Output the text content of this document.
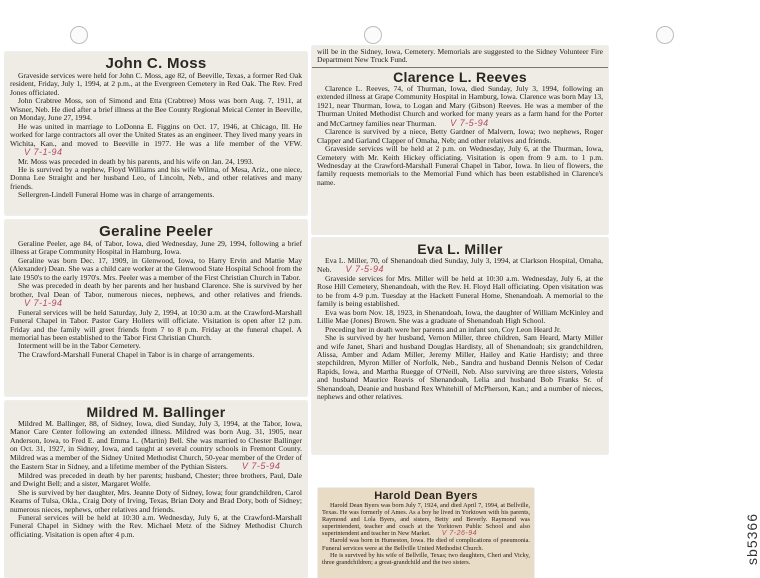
John C. Moss

Graveside services were held for John C. Moss, age 82, of Beeville, Texas, a former Red Oak resident, Friday, July 1, 1994, at 2 p.m., at the Evergreen Cemetery in Red Oak. The Rev. Fred Jones officiated.

John Crabtree Moss, son of Simond and Etta (Crabtree) Moss was born Aug. 7, 1911, at Wisner, Neb. He died after a brief illness at the Bee County Regional Meical Center in Beeville, on Monday, June 27, 1994.

He was united in marriage to LoDonna E. Figgins on Oct. 17, 1946, at Chicago, Ill. He worked for large contractors all over the United States as an engineer. They lived many years in Wichita, Kan., and moved to Beeville in 1977. He was a life member of the VFW.V 7-1-94

Mr. Moss was preceded in death by his parents, and his wife on Jan. 24, 1993.

He is survived by a nephew, Floyd Williams and his wife Wilma, of Mesa, Ariz., one niece, Donna Lee Straight and her husband Leo, of Lincoln, Neb., and other relatives and many friends.

Sellergren-Lindell Funeral Home was in charge of arrangements.

Geraline Peeler

Geraline Peeler, age 84, of Tabor, Iowa, died Wednesday, June 29, 1994, following a brief illness at Grape Community Hospital in Hamburg, Iowa.

Geraline was born Dec. 17, 1909, in Glenwood, Iowa, to Harry Ervin and Mattie May (Alexander) Dean. She was a child care worker at the Glenwood State Hospital School from the late 1950's to the early 1970's. Mrs. Peeler was a member of the First Christian Church in Tabor.

She was preceded in death by her parents and her husband Clarence. She is survived by her brother, Ival Dean of Tabor, numerous nieces, nephews, and other relatives and friends.V 7-1-94

Funeral services will be held Saturday, July 2, 1994, at 10:30 a.m. at the Crawford-Marshall Funeral Chapel in Tabor. Pastor Gary Hollers will officiate. Visitation is open after 12 p.m. Friday and the family will greet friends from 7 to 8 p.m. Friday at the funeral chapel. A memorial has been established to the Tabor First Christian Church.

Interment will be in the Tabor Cemetery.

The Crawford-Marshall Funeral Chapel in Tabor is in charge of arrangements.

Mildred M. Ballinger

Mildred M. Ballinger, 88, of Sidney, Iowa, died Sunday, July 3, 1994, at the Tabor, Iowa, Manor Care Center following an extended illness. Mildred was born Aug. 31, 1905, near Anderson, Iowa, to Fred E. and Emma L. (Martin) Bell. She was married to Chester Ballinger on Oct. 31, 1927, in Sidney, Iowa, and taught at several country schools in Fremont County. Mildred was a member of the Sidney United Methodist Church, 50-year member of the Order of the Eastern Star in Sidney, and a lifetime member of the Pythian Sisters. V 7-5-94

Mildred was preceded in death by her parents; husband, Chester; three brothers, Paul, Dale and Dwight Bell; and a sister, Margaret Wolfe.

She is survived by her daughter, Mrs. Jeanne Doty of Sidney, Iowa; four grandchildren, Carol Kearns of Tulsa, Okla., Craig Doty of Irving, Texas, Brian Doty and Brad Doty, both of Sidney; numerous nieces, nephews, other relatives and friends.

Funeral services will be held at 10:30 a.m. Wednesday, July 6, at the Crawford-Marshall Funeral Chapel in Sidney with the Rev. Michael Metz of the Sidney Methodist Church officiating. Visitation is open after 4 p.m.

will be in the Sidney, Iowa, Cemetery. Memorials are suggested to the Sidney Volunteer Fire Department New Truck Fund.

Clarence L. Reeves

Clarence L. Reeves, 74, of Thurman, Iowa, died Sunday, July 3, 1994, following an extended illness at Grape Community Hospital in Hamburg, Iowa. Clarence was born May 13, 1921, near Thurman, Iowa, to Logan and Mary (Gibson) Reeves. He was a member of the Thurman United Methodist Church and worked for many years as a farm hand for the Porter and McCartney families near Thurman. V 7-5-94

Clarence is survived by a niece, Betty Gardner of Malvern, Iowa; two nephews, Roger Clapper and Garland Clapper of Omaha, Neb; and other relatives and friends.

Graveside services will be held at 2 p.m. on Wednesday, July 6, at the Thurman, Iowa, Cemetery with Mr. Keith Hickey officiating. Visitation is open from 9 a.m. to 1 p.m. Wednesday at the Crawford-Marshall Funeral Chapel in Tabor, Iowa. In lieu of flowers, the family requests memorials to the Memorial Fund which has been established in Clarence's name.

Eva L. Miller

Eva L. Miller, 70, of Shenandoah died Sunday, July 3, 1994, at Clarkson Hospital, Omaha, Neb. V 7-5-94

Graveside services for Mrs. Miller will be held at 10:30 a.m. Wednesday, July 6, at the Rose Hill Cemetery, Shenandoah, with the Rev. H. Floyd Hall officiating. Open visitation was to be from 4-9 p.m. Tuesday at the Hackett Funeral Home, Shenandoah. A memorial to the family is being established.

Eva was born Nov. 18, 1923, in Shenandoah, Iowa, the daughter of William McKinley and Lillie Mae (Jones) Brown. She was a graduate of Shenandoah High School.

Preceding her in death were her parents and an infant son, Coy Leon Heard Jr.

She is survived by her husband, Vernon Miller, three children, Sam Heard, Marty Miller and wife Janet, Shari and husband Douglas Hardisty, all of Shenandoah; six grandchildren, Alissa, Amber and Adam Miller, Jeremy Miller, Hailey and Katie Hardisty; and three stepchildren, Myron Miller of Norfolk, Neb., Sandra and husband Dennis Nelson of Cedar Rapids, Iowa, and Martha Ruegge of O'Neill, Neb. Also surviving are three sisters, Velesta and husband Maurice Reavis of Shenandoah, Lelia and husband Bob Franks Sr. of Shenandoah, Deanie and husband Rex Whitehill of McPherson, Kan.; and a number of nieces, nephews and other relatives.

Harold Dean Byers

Harold Dean Byers was born July 7, 1924, and died April 7, 1994, at Bellville, Texas. He was formerly of Ames. As a boy he lived in Yorktown with his parents, Raymond and Lola Byers, and sisters, Betty and Beverly. Raymond was superintendent, teacher and coach at the Yorktown Public School and also superintendent and teacher in New Market. V 7-26-94

Harold was born in Humeston, Iowa. He died of complications of pneumonia. Funeral services were at the Bellville United Methodist Church.

He is survived by his wife of Bellville, Texas; two daughters, Cheri and Vicky, three grandchildren; a great-grandchild and the two sisters.	sb5366
